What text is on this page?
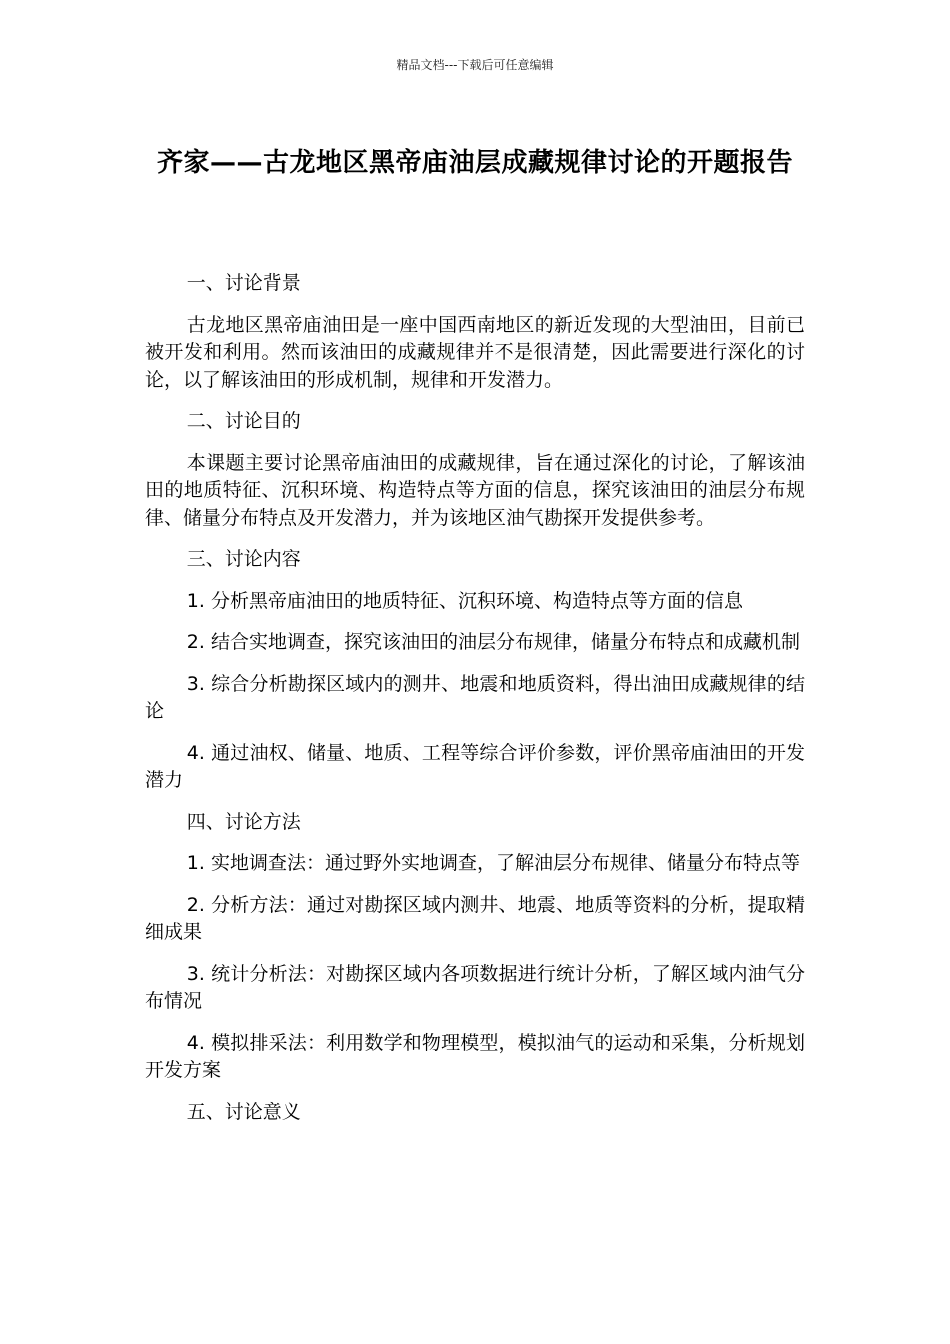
精品文档---下载后可任意编辑
齐家——古龙地区黑帝庙油层成藏规律讨论的开题报告

一、讨论背景

古龙地区黑帝庙油田是一座中国西南地区的新近发现的大型油田，目前已被开发和利用。然而该油田的成藏规律并不是很清楚，因此需要进行深化的讨论，以了解该油田的形成机制，规律和开发潜力。

二、讨论目的

本课题主要讨论黑帝庙油田的成藏规律，旨在通过深化的讨论，了解该油田的地质特征、沉积环境、构造特点等方面的信息，探究该油田的油层分布规律、储量分布特点及开发潜力，并为该地区油气勘探开发提供参考。

三、讨论内容

1. 分析黑帝庙油田的地质特征、沉积环境、构造特点等方面的信息

2. 结合实地调查，探究该油田的油层分布规律，储量分布特点和成藏机制

3. 综合分析勘探区域内的测井、地震和地质资料，得出油田成藏规律的结论

4. 通过油权、储量、地质、工程等综合评价参数，评价黑帝庙油田的开发潜力

四、讨论方法

1. 实地调查法：通过野外实地调查，了解油层分布规律、储量分布特点等

2. 分析方法：通过对勘探区域内测井、地震、地质等资料的分析，提取精细成果

3. 统计分析法：对勘探区域内各项数据进行统计分析，了解区域内油气分布情况

4. 模拟排采法：利用数学和物理模型，模拟油气的运动和采集，分析规划开发方案

五、讨论意义
